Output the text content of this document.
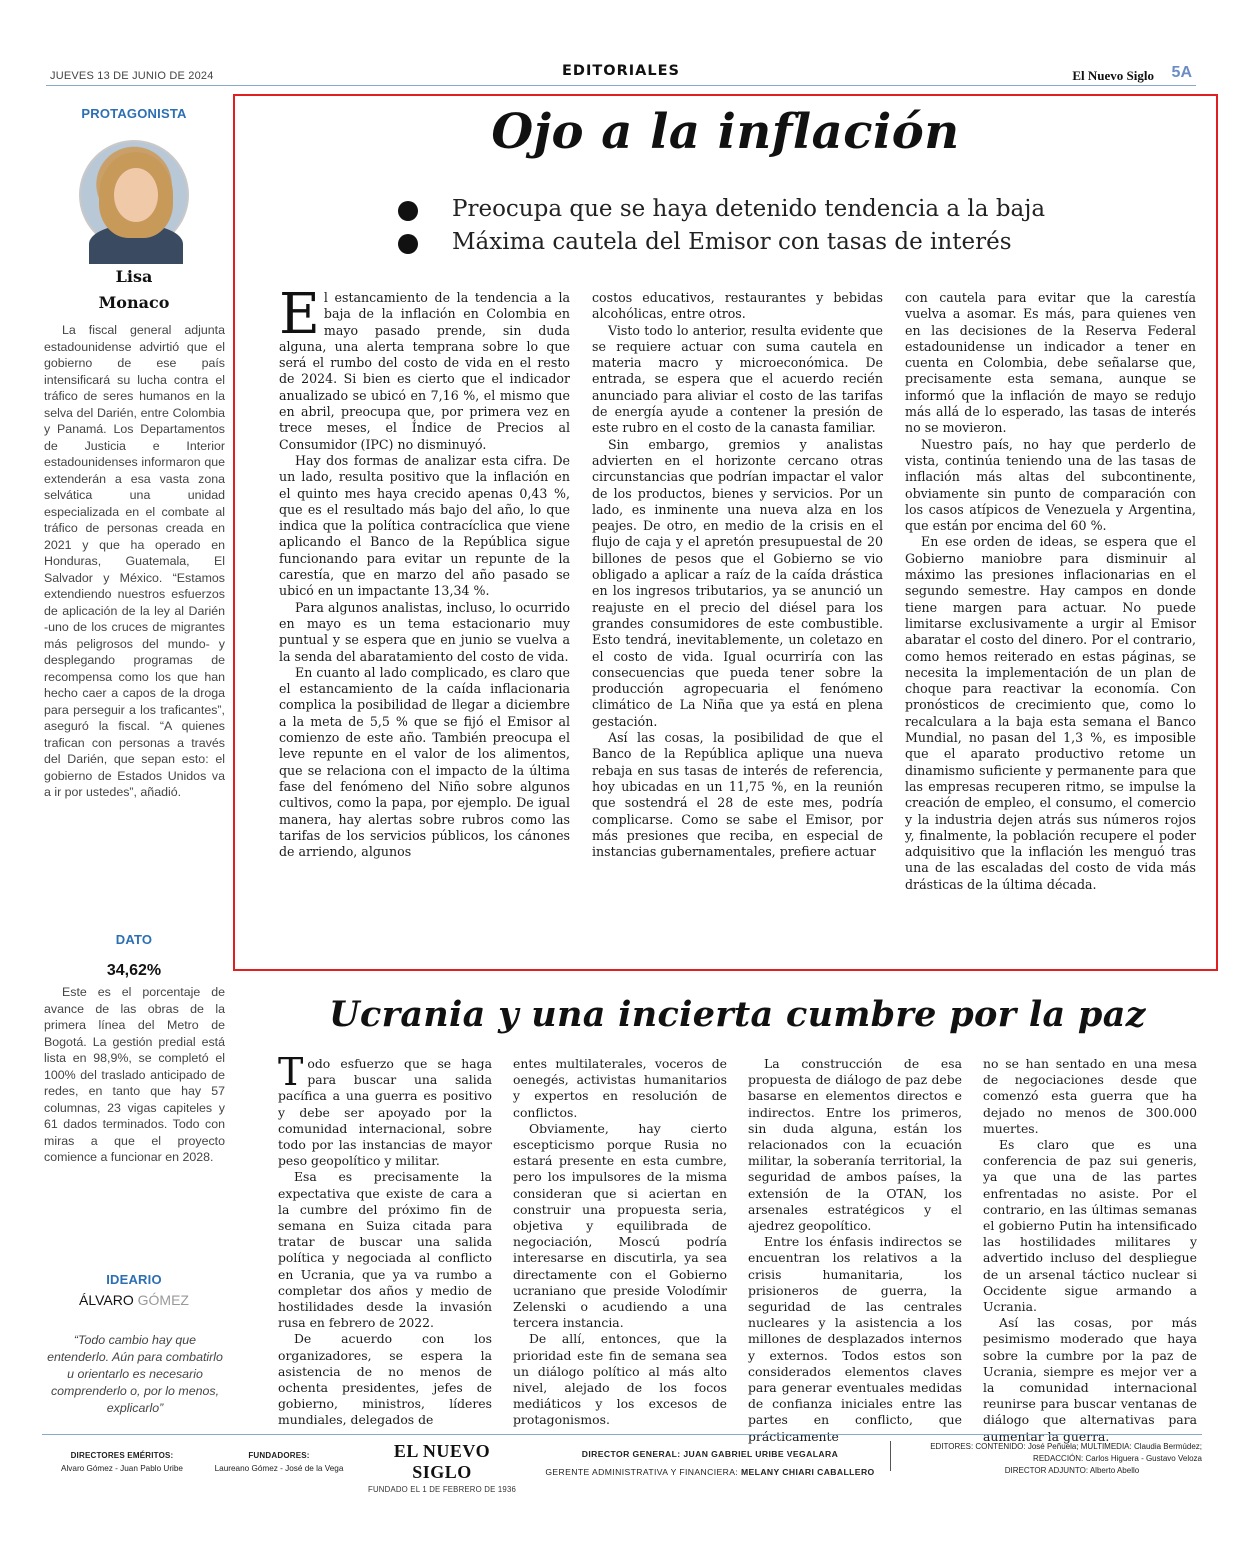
JUEVES 13 DE JUNIO DE 2024	EDITORIALES	El Nuevo Siglo 5A
PROTAGONISTA
Lisa
Monaco

La fiscal general adjunta estadounidense advirtió que el gobierno de ese país intensificará su lucha contra el tráfico de seres humanos en la selva del Darién, entre Colombia y Panamá. Los Departamentos de Justicia e Interior estadounidenses informaron que extenderán a esa vasta zona selvática una unidad especializada en el combate al tráfico de personas creada en 2021 y que ha operado en Honduras, Guatemala, El Salvador y México. “Estamos extendiendo nuestros esfuerzos de aplicación de la ley al Darién -uno de los cruces de migrantes más peligrosos del mundo- y desplegando programas de recompensa como los que han hecho caer a capos de la droga para perseguir a los traficantes”, aseguró la fiscal. “A quienes trafican con personas a través del Darién, que sepan esto: el gobierno de Estados Unidos va a ir por ustedes”, añadió.

DATO
34,62%

Este es el porcentaje de avance de las obras de la primera línea del Metro de Bogotá. La gestión predial está lista en 98,9%, se completó el 100% del traslado anticipado de redes, en tanto que hay 57 columnas, 23 vigas capiteles y 61 dados terminados. Todo con miras a que el proyecto comience a funcionar en 2028.

IDEARIO
ÁLVARO GÓMEZ

“Todo cambio hay que entenderlo. Aún para combatirlo u orientarlo es necesario comprenderlo o, por lo menos, explicarlo”

Ojo a la inflación
Preocupa que se haya detenido tendencia a la baja
Máxima cautela del Emisor con tasas de interés

El estancamiento de la tendencia a la baja de la inflación en Colombia en mayo pasado prende, sin duda alguna, una alerta temprana sobre lo que será el rumbo del costo de vida en el resto de 2024. Si bien es cierto que el indicador anualizado se ubicó en 7,16 %, el mismo que en abril, preocupa que, por primera vez en trece meses, el Índice de Precios al Consumidor (IPC) no disminuyó.

Hay dos formas de analizar esta cifra. De un lado, resulta positivo que la inflación en el quinto mes haya crecido apenas 0,43 %, que es el resultado más bajo del año, lo que indica que la política contracíclica que viene aplicando el Banco de la República sigue funcionando para evitar un repunte de la carestía, que en marzo del año pasado se ubicó en un impactante 13,34 %.

Para algunos analistas, incluso, lo ocurrido en mayo es un tema estacionario muy puntual y se espera que en junio se vuelva a la senda del abaratamiento del costo de vida.

En cuanto al lado complicado, es claro que el estancamiento de la caída inflacionaria complica la posibilidad de llegar a diciembre a la meta de 5,5 % que se fijó el Emisor al comienzo de este año. También preocupa el leve repunte en el valor de los alimentos, que se relaciona con el impacto de la última fase del fenómeno del Niño sobre algunos cultivos, como la papa, por ejemplo. De igual manera, hay alertas sobre rubros como las tarifas de los servicios públicos, los cánones de arriendo, algunos

costos educativos, restaurantes y bebidas alcohólicas, entre otros.

Visto todo lo anterior, resulta evidente que se requiere actuar con suma cautela en materia macro y microeconómica. De entrada, se espera que el acuerdo recién anunciado para aliviar el costo de las tarifas de energía ayude a contener la presión de este rubro en el costo de la canasta familiar.

Sin embargo, gremios y analistas advierten en el horizonte cercano otras circunstancias que podrían impactar el valor de los productos, bienes y servicios. Por un lado, es inminente una nueva alza en los peajes. De otro, en medio de la crisis en el flujo de caja y el apretón presupuestal de 20 billones de pesos que el Gobierno se vio obligado a aplicar a raíz de la caída drástica en los ingresos tributarios, ya se anunció un reajuste en el precio del diésel para los grandes consumidores de este combustible. Esto tendrá, inevitablemente, un coletazo en el costo de vida. Igual ocurriría con las consecuencias que pueda tener sobre la producción agropecuaria el fenómeno climático de La Niña que ya está en plena gestación.

Así las cosas, la posibilidad de que el Banco de la República aplique una nueva rebaja en sus tasas de interés de referencia, hoy ubicadas en un 11,75 %, en la reunión que sostendrá el 28 de este mes, podría complicarse. Como se sabe el Emisor, por más presiones que reciba, en especial de instancias gubernamentales, prefiere actuar

con cautela para evitar que la carestía vuelva a asomar. Es más, para quienes ven en las decisiones de la Reserva Federal estadounidense un indicador a tener en cuenta en Colombia, debe señalarse que, precisamente esta semana, aunque se informó que la inflación de mayo se redujo más allá de lo esperado, las tasas de interés no se movieron.

Nuestro país, no hay que perderlo de vista, continúa teniendo una de las tasas de inflación más altas del subcontinente, obviamente sin punto de comparación con los casos atípicos de Venezuela y Argentina, que están por encima del 60 %.

En ese orden de ideas, se espera que el Gobierno maniobre para disminuir al máximo las presiones inflacionarias en el segundo semestre. Hay campos en donde tiene margen para actuar. No puede limitarse exclusivamente a urgir al Emisor abaratar el costo del dinero. Por el contrario, como hemos reiterado en estas páginas, se necesita la implementación de un plan de choque para reactivar la economía. Con pronósticos de crecimiento que, como lo recalculara a la baja esta semana el Banco Mundial, no pasan del 1,3 %, es imposible que el aparato productivo retome un dinamismo suficiente y permanente para que las empresas recuperen ritmo, se impulse la creación de empleo, el consumo, el comercio y la industria dejen atrás sus números rojos y, finalmente, la población recupere el poder adquisitivo que la inflación les menguó tras una de las escaladas del costo de vida más drásticas de la última década.

Ucrania y una incierta cumbre por la paz

Todo esfuerzo que se haga para buscar una salida pacífica a una guerra es positivo y debe ser apoyado por la comunidad internacional, sobre todo por las instancias de mayor peso geopolítico y militar.

Esa es precisamente la expectativa que existe de cara a la cumbre del próximo fin de semana en Suiza citada para tratar de buscar una salida política y negociada al conflicto en Ucrania, que ya va rumbo a completar dos años y medio de hostilidades desde la invasión rusa en febrero de 2022.

De acuerdo con los organizadores, se espera la asistencia de no menos de ochenta presidentes, jefes de gobierno, ministros, líderes mundiales, delegados de

entes multilaterales, voceros de oenegés, activistas humanitarios y expertos en resolución de conflictos.

Obviamente, hay cierto escepticismo porque Rusia no estará presente en esta cumbre, pero los impulsores de la misma consideran que si aciertan en construir una propuesta seria, objetiva y equilibrada de negociación, Moscú podría interesarse en discutirla, ya sea directamente con el Gobierno ucraniano que preside Volodímir Zelenski o acudiendo a una tercera instancia.

De allí, entonces, que la prioridad este fin de semana sea un diálogo político al más alto nivel, alejado de los focos mediáticos y los excesos de protagonismos.

La construcción de esa propuesta de diálogo de paz debe basarse en elementos directos e indirectos. Entre los primeros, sin duda alguna, están los relacionados con la ecuación militar, la soberanía territorial, la seguridad de ambos países, la extensión de la OTAN, los arsenales estratégicos y el ajedrez geopolítico.

Entre los énfasis indirectos se encuentran los relativos a la crisis humanitaria, los prisioneros de guerra, la seguridad de las centrales nucleares y la asistencia a los millones de desplazados internos y externos. Todos estos son considerados elementos claves para generar eventuales medidas de confianza iniciales entre las partes en conflicto, que prácticamente

no se han sentado en una mesa de negociaciones desde que comenzó esta guerra que ha dejado no menos de 300.000 muertes.

Es claro que es una conferencia de paz sui generis, ya que una de las partes enfrentadas no asiste. Por el contrario, en las últimas semanas el gobierno Putin ha intensificado las hostilidades militares y advertido incluso del despliegue de un arsenal táctico nuclear si Occidente sigue armando a Ucrania.

Así las cosas, por más pesimismo moderado que haya sobre la cumbre por la paz de Ucrania, siempre es mejor ver a la comunidad internacional reunirse para buscar ventanas de diálogo que alternativas para aumentar la guerra.

DIRECTORES EMÉRITOS:
Alvaro Gómez - Juan Pablo Uribe
FUNDADORES:
Laureano Gómez - José de la Vega
EL NUEVO SIGLO
FUNDADO EL 1 DE FEBRERO DE 1936
DIRECTOR GENERAL: JUAN GABRIEL URIBE VEGALARA
GERENTE ADMINISTRATIVA Y FINANCIERA: MELANY CHIARI CABALLERO
EDITORES: CONTENIDO: José Peñuela; MULTIMEDIA: Claudia Bermúdez;
REDACCIÓN: Carlos Higuera - Gustavo Veloza
DIRECTOR ADJUNTO: Alberto Abello
